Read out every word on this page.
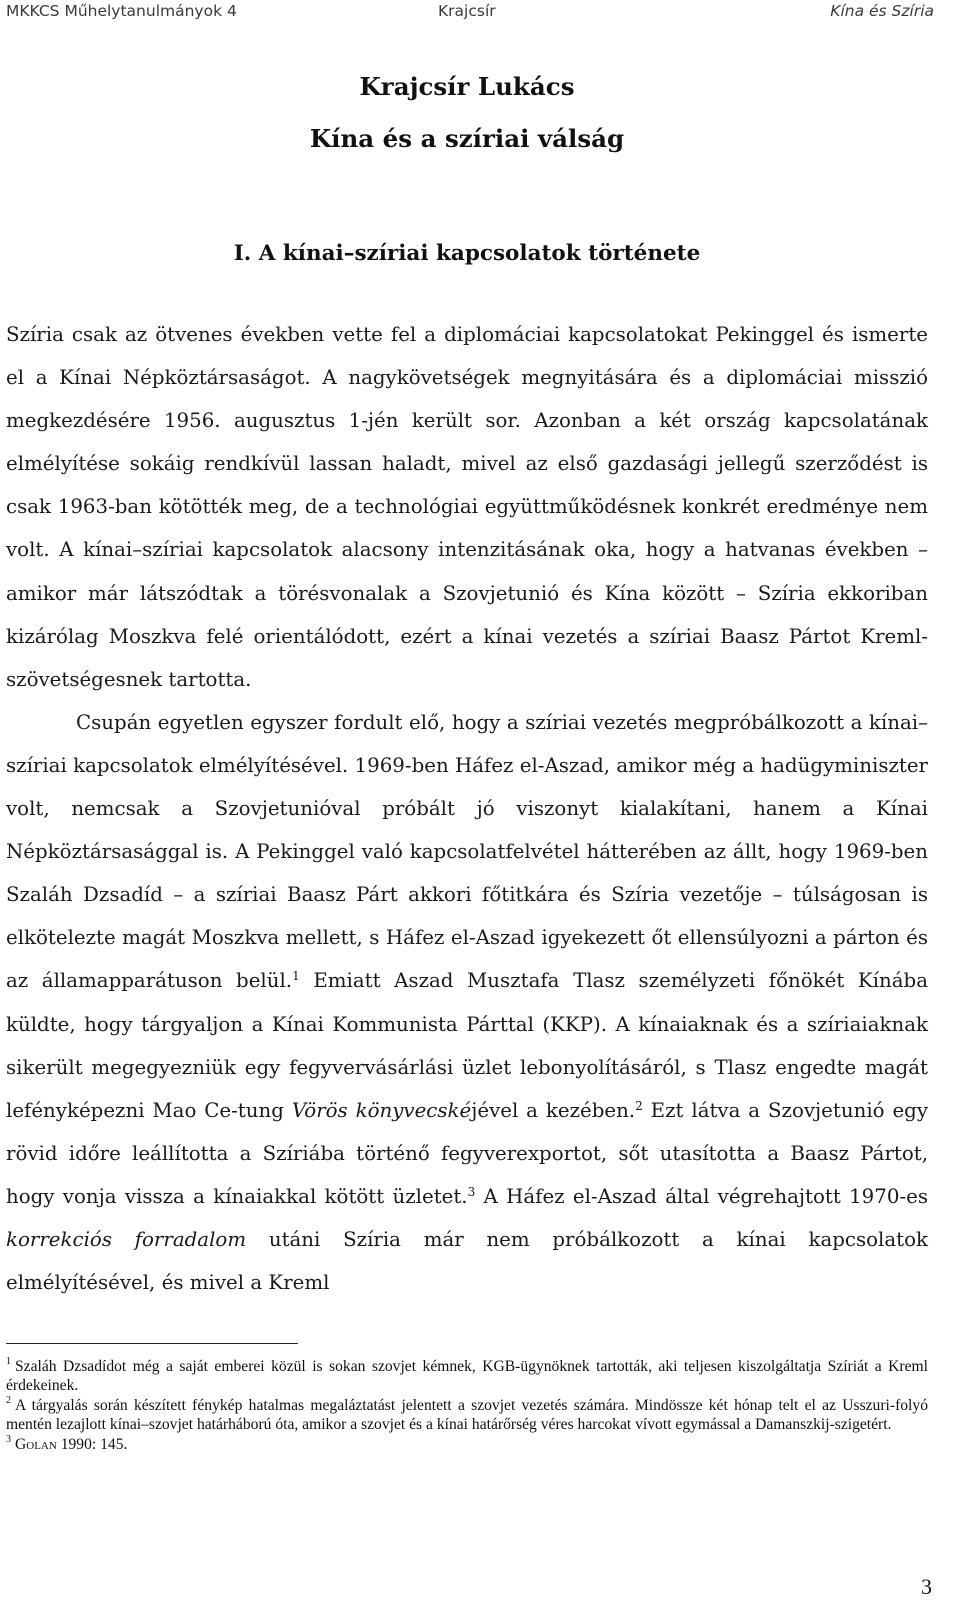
MKKCS Műhelytanulmányok 4	Krajcsír	Kína és Szíria
Krajcsír Lukács
Kína és a szíriai válság
I. A kínai–szíriai kapcsolatok története

Szíria csak az ötvenes években vette fel a diplomáciai kapcsolatokat Pekinggel és ismerte el a Kínai Népköztársaságot. A nagykövetségek megnyitására és a diplomáciai misszió megkezdésére 1956. augusztus 1-jén került sor. Azonban a két ország kapcsolatának elmélyítése sokáig rendkívül lassan haladt, mivel az első gazdasági jellegű szerződést is csak 1963-ban kötötték meg, de a technológiai együttműködésnek konkrét eredménye nem volt. A kínai–szíriai kapcsolatok alacsony intenzitásának oka, hogy a hatvanas években – amikor már látszódtak a törésvonalak a Szovjetunió és Kína között – Szíria ekkoriban kizárólag Moszkva felé orientálódott, ezért a kínai vezetés a szíriai Baasz Pártot Kreml-szövetségesnek tartotta.

Csupán egyetlen egyszer fordult elő, hogy a szíriai vezetés megpróbálkozott a kínai–szíriai kapcsolatok elmélyítésével. 1969-ben Háfez el-Aszad, amikor még a hadügyminiszter volt, nemcsak a Szovjetunióval próbált jó viszonyt kialakítani, hanem a Kínai Népköztársasággal is. A Pekinggel való kapcsolatfelvétel hátterében az állt, hogy 1969-ben Szaláh Dzsadíd – a szíriai Baasz Párt akkori főtitkára és Szíria vezetője – túlságosan is elkötelezte magát Moszkva mellett, s Háfez el-Aszad igyekezett őt ellensúlyozni a párton és az államapparátuson belül.$^1$ Emiatt Aszad Musztafa Tlasz személyzeti főnökét Kínába küldte, hogy tárgyaljon a Kínai Kommunista Párttal (KKP). A kínaiaknak és a szíriaiaknak sikerült megegyezniük egy fegyvervásárlási üzlet lebonyolításáról, s Tlasz engedte magát lefényképezni Mao Ce-tung Vörös könyvecskéjével a kezében.$^2$ Ezt látva a Szovjetunió egy rövid időre leállította a Szíriába történő fegyverexportot, sőt utasította a Baasz Pártot, hogy vonja vissza a kínaiakkal kötött üzletet.$^3$ A Háfez el-Aszad által végrehajtott 1970-es korrekciós forradalom utáni Szíria már nem próbálkozott a kínai kapcsolatok elmélyítésével, és mivel a Kreml

$^1$ Szaláh Dzsadídot még a saját emberei közül is sokan szovjet kémnek, KGB-ügynöknek tartották, aki teljesen kiszolgáltatja Szíriát a Kreml érdekeinek.

$^2$ A tárgyalás során készített fénykép hatalmas megaláztatást jelentett a szovjet vezetés számára. Mindössze két hónap telt el az Usszuri-folyó mentén lezajlott kínai–szovjet határháború óta, amikor a szovjet és a kínai határőrség véres harcokat vívott egymással a Damanszkij-szigetért.

$^3$ Golan 1990: 145.

3
